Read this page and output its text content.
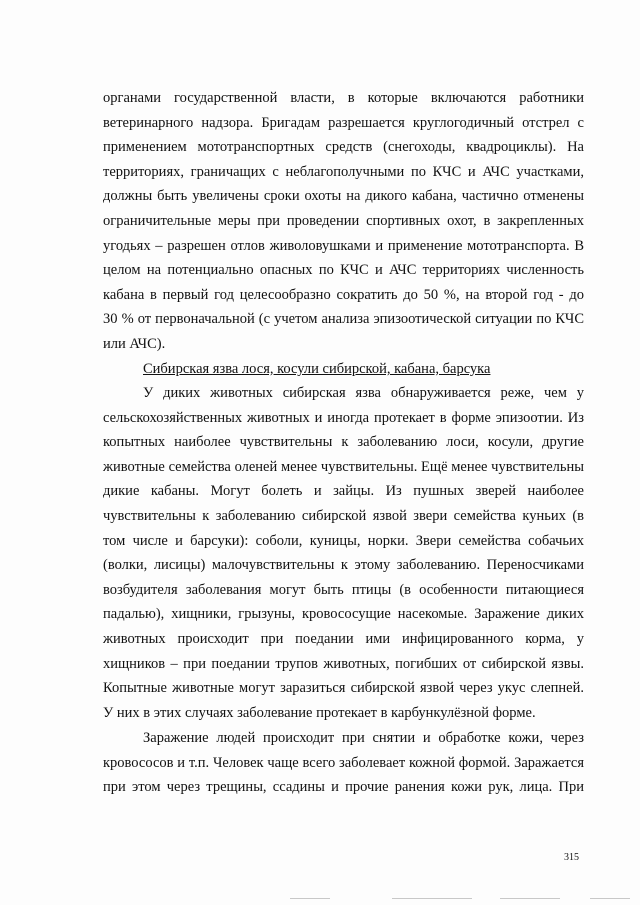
органами государственной власти, в которые включаются работники
ветеринарного надзора. Бригадам разрешается круглогодичный отстрел с
применением мототранспортных средств (снегоходы, квадроциклы). На
территориях, граничащих с неблагополучными по КЧС и АЧС участками,
должны быть увеличены сроки охоты на дикого кабана, частично отменены
ограничительные меры при проведении спортивных охот, в закрепленных
угодьях – разрешен отлов живоловушками и применение мототранспорта. В
целом на потенциально опасных по КЧС и АЧС территориях численность
кабана в первый год целесообразно сократить до 50 %, на второй год - до
30 % от первоначальной (с учетом анализа эпизоотической ситуации по КЧС
или АЧС).
Сибирская язва лося, косули сибирской, кабана, барсука
У диких животных сибирская язва обнаруживается реже, чем у
сельскохозяйственных животных и иногда протекает в форме эпизоотии. Из
копытных наиболее чувствительны к заболеванию лоси, косули, другие
животные семейства оленей менее чувствительны. Ещё менее чувствительны
дикие кабаны. Могут болеть и зайцы. Из пушных зверей наиболее
чувствительны к заболеванию сибирской язвой звери семейства куньих (в
том числе и барсуки): соболи, куницы, норки. Звери семейства собачьих
(волки, лисицы) малочувствительны к этому заболеванию. Переносчиками
возбудителя заболевания могут быть птицы (в особенности питающиеся
падалью), хищники, грызуны, кровососущие насекомые. Заражение диких
животных происходит при поедании ими инфицированного корма, у
хищников – при поедании трупов животных, погибших от сибирской язвы.
Копытные животные могут заразиться сибирской язвой через укус слепней.
У них в этих случаях заболевание протекает в карбункулёзной форме.
Заражение людей происходит при снятии и обработке кожи, через
кровососов и т.п. Человек чаще всего заболевает кожной формой. Заражается
при этом через трещины, ссадины и прочие ранения кожи рук, лица. При
315
